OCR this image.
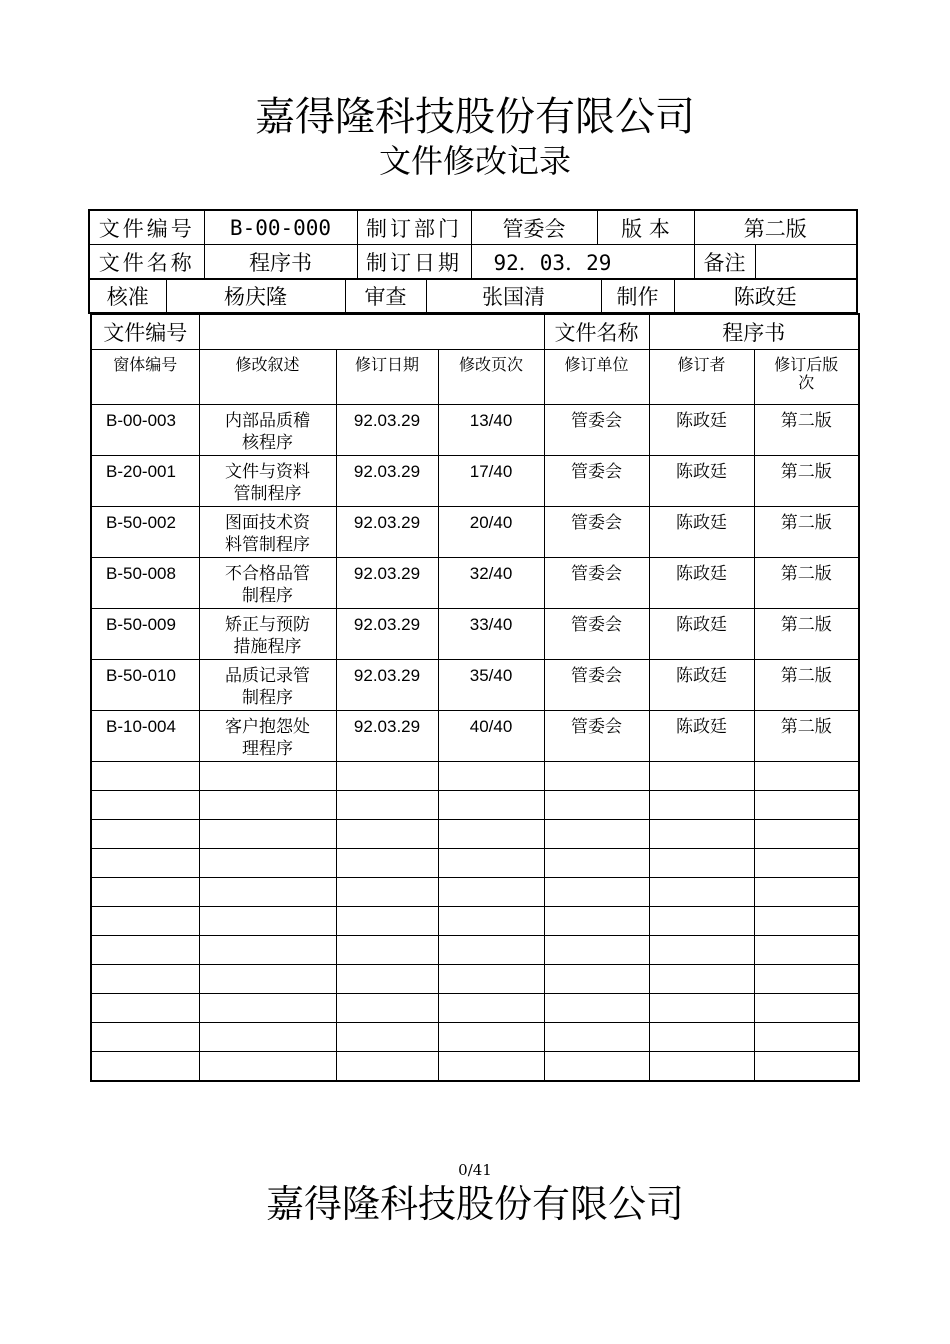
嘉得隆科技股份有限公司
文件修改记录
文件编号	B-00-000	制订部门	管委会	版 本	第二版
文件名称	程序书	制订日期	92．03．29		备注	
核准	杨庆隆	审查	张国清	制作	陈政廷
文件编号				文件名称	程序书	
窗体编号	修改叙述	修订日期	修改页次	修订单位	修订者	修订后版次
B-00-003	内部品质稽核程序	92.03.29	13/40	管委会	陈政廷	第二版
B-20-001	文件与资料管制程序	92.03.29	17/40	管委会	陈政廷	第二版
B-50-002	图面技术资料管制程序	92.03.29	20/40	管委会	陈政廷	第二版
B-50-008	不合格品管制程序	92.03.29	32/40	管委会	陈政廷	第二版
B-50-009	矫正与预防措施程序	92.03.29	33/40	管委会	陈政廷	第二版
B-50-010	品质记录管制程序	92.03.29	35/40	管委会	陈政廷	第二版
B-10-004	客户抱怨处理程序	92.03.29	40/40	管委会	陈政廷	第二版

0/41
嘉得隆科技股份有限公司
